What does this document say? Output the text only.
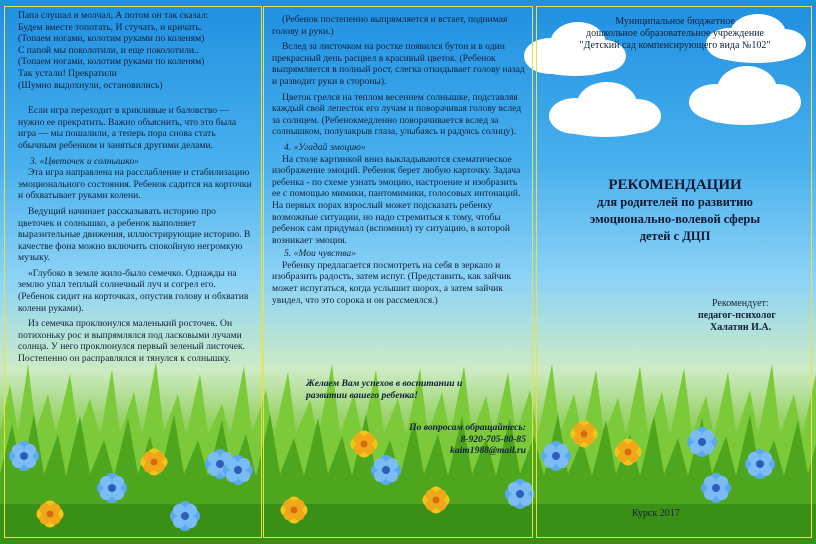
Папа слушал и молчал, А потом он так сказал:

Будем вместе топотать, И стучать, и кричать.

(Топаем ногами, колотим руками по коленям)

С папой мы поколотили, и еще поколотили..

(Топаем ногами, колотим руками по коленям)

Так устали! Прекратили

(Шумно выдохнули, остановились)

Если игра переходит в крикливые и баловство — нужно ее прекратить. Важно объяснить, что это была игра — мы пошалили, а теперь пора снова стать обычным ребенком и заняться другими делами.

3. «Цветочек и солнышко»

Эта игра направлена на расслабление и стабилизацию эмоционального состояния. Ребенок садится на корточки и обхватывает руками колени.

Ведущий начинает рассказывать историю про цветочек и солнышко, а ребенок выполняет выразительные движения, иллюстрирующие историю. В качестве фона можно включить спокойную негромкую музыку.

«Глубоко в земле жило-было семечко. Однажды на землю упал теплый солнечный луч и согрел его. (Ребенок сидит на корточках, опустив голову и обхватив колени руками).

Из семечка проклюнулся маленький росточек. Он потихоньку рос и выпрямлялся под ласковыми лучами солнца. У него проклюнулся первый зеленый листочек. Постепенно он расправлялся и тянулся к солнышку.

(Ребенок постепенно выпрямляется и встает, поднимая голову и руки.)

Вслед за листочком на ростке появился бутон и в один прекрасный день расцвел в красивый цветок. (Ребенок выпрямляется в полный рост, слегка откидывает голову назад и разводит руки в стороны).

Цветок грелся на теплом весеннем солнышке, подставляя каждый свой лепесток его лучам и поворачивая голову вслед за солнцем. (Ребенокмедленно поворачивается вслед за солнышком, полузакрыв глаза, улыбаясь и радуясь солнцу).

4. «Угадай эмоцию»

На столе картинкой вниз выкладываются схематическое изображение эмоций. Ребенок берет любую карточку. Задача ребенка - по схеме узнать эмоцию, настроение и изобразить ее с помощью мимики, пантомимики, голосовых интонаций. На первых порах взрослый может подсказать ребенку возможные ситуации, но надо стремиться к тому, чтобы ребенок сам придумал (вспомнил) ту ситуацию, в которой возникает эмоция.

5. «Мои чувства»

Ребенку предлагается посмотреть на себя в зеркало и изобразить радость, затем испуг. (Представить, как зайчик может испугаться, когда услышит шорох, а затем зайчик увидел, что это сорока и он рассмеялся.)

Желаем Вам успехов в воспитании и

развитии вашего ребенка!

По вопросам обращайтесь:

8-920-705-80-85

kaim1988@mail.ru

Муниципальное бюджетное

дошкольное образовательное учреждение

"Детский сад компенсирующего вида №102"

РЕКОМЕНДАЦИИ
для родителей по развитию
эмоционально-волевой сферы
детей с ДЦП

Рекомендует:

педагог-психолог

Халатян И.А.

Курск 2017
